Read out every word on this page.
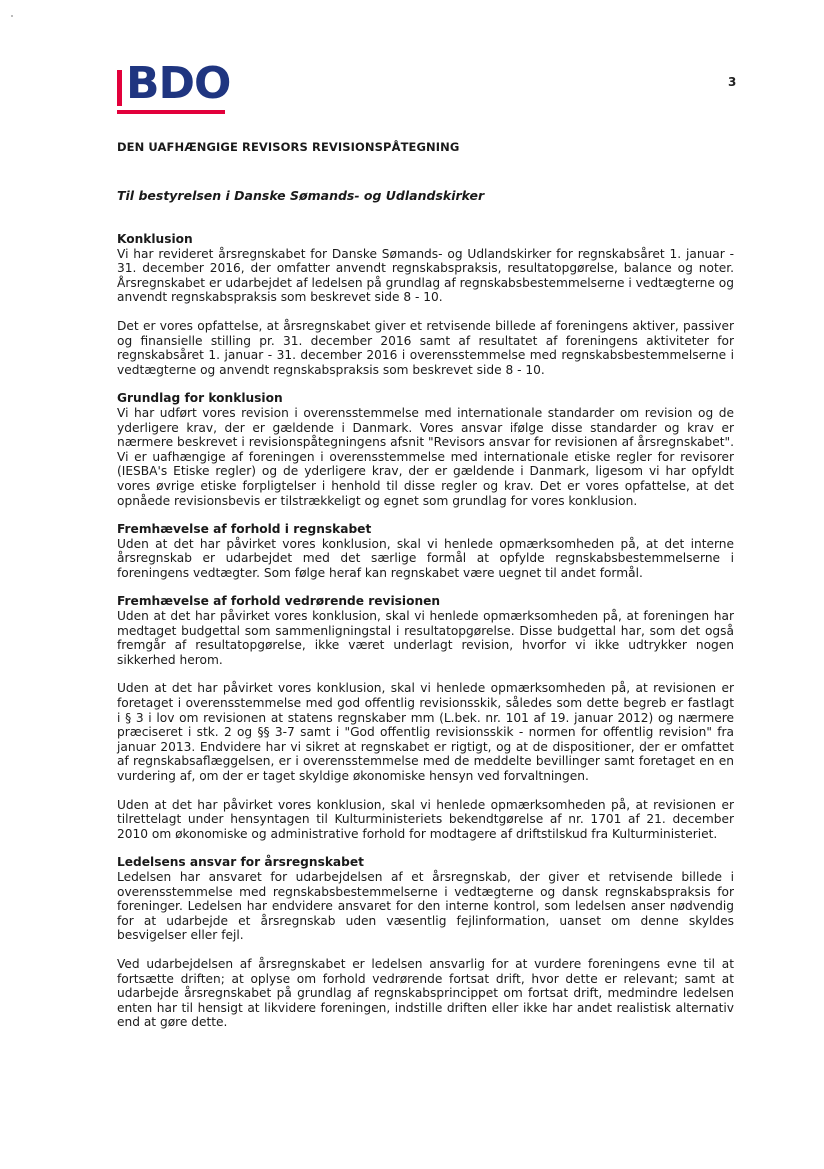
BDO	3
DEN UAFHÆNGIGE REVISORS REVISIONSPÅTEGNING
Til bestyrelsen i Danske Sømands- og Udlandskirker
Konklusion

Vi har revideret årsregnskabet for Danske Sømands- og Udlandskirker for regnskabsåret 1. januar - 31. december 2016, der omfatter anvendt regnskabspraksis, resultatopgørelse, balance og noter. Årsregnskabet er udarbejdet af ledelsen på grundlag af regnskabsbestemmelserne i vedtægterne og anvendt regnskabspraksis som beskrevet side 8 - 10.

Det er vores opfattelse, at årsregnskabet giver et retvisende billede af foreningens aktiver, passiver og finansielle stilling pr. 31. december 2016 samt af resultatet af foreningens aktiviteter for regnskabsåret 1. januar - 31. december 2016 i overensstemmelse med regnskabsbestemmelserne i vedtægterne og anvendt regnskabspraksis som beskrevet side 8 - 10.

Grundlag for konklusion

Vi har udført vores revision i overensstemmelse med internationale standarder om revision og de yderligere krav, der er gældende i Danmark. Vores ansvar ifølge disse standarder og krav er nærmere beskrevet i revisionspåtegningens afsnit "Revisors ansvar for revisionen af årsregnskabet". Vi er uafhængige af foreningen i overensstemmelse med internationale etiske regler for revisorer (IESBA's Etiske regler) og de yderligere krav, der er gældende i Danmark, ligesom vi har opfyldt vores øvrige etiske forpligtelser i henhold til disse regler og krav. Det er vores opfattelse, at det opnåede revisionsbevis er tilstrækkeligt og egnet som grundlag for vores konklusion.

Fremhævelse af forhold i regnskabet

Uden at det har påvirket vores konklusion, skal vi henlede opmærksomheden på, at det interne årsregnskab er udarbejdet med det særlige formål at opfylde regnskabsbestemmelserne i foreningens vedtægter. Som følge heraf kan regnskabet være uegnet til andet formål.

Fremhævelse af forhold vedrørende revisionen

Uden at det har påvirket vores konklusion, skal vi henlede opmærksomheden på, at foreningen har medtaget budgettal som sammenligningstal i resultatopgørelse. Disse budgettal har, som det også fremgår af resultatopgørelse, ikke været underlagt revision, hvorfor vi ikke udtrykker nogen sikkerhed herom.

Uden at det har påvirket vores konklusion, skal vi henlede opmærksomheden på, at revisionen er foretaget i overensstemmelse med god offentlig revisionsskik, således som dette begreb er fastlagt i § 3 i lov om revisionen at statens regnskaber mm (L.bek. nr. 101 af 19. januar 2012) og nærmere præciseret i stk. 2 og §§ 3-7 samt i "God offentlig revisionsskik - normen for offentlig revision" fra januar 2013. Endvidere har vi sikret at regnskabet er rigtigt, og at de dispositioner, der er omfattet af regnskabsaflæggelsen, er i overensstemmelse med de meddelte bevillinger samt foretaget en en vurdering af, om der er taget skyldige økonomiske hensyn ved forvaltningen.

Uden at det har påvirket vores konklusion, skal vi henlede opmærksomheden på, at revisionen er tilrettelagt under hensyntagen til Kulturministeriets bekendtgørelse af nr. 1701 af 21. december 2010 om økonomiske og administrative forhold for modtagere af driftstilskud fra Kulturministeriet.

Ledelsens ansvar for årsregnskabet

Ledelsen har ansvaret for udarbejdelsen af et årsregnskab, der giver et retvisende billede i overensstemmelse med regnskabsbestemmelserne i vedtægterne og dansk regnskabspraksis for foreninger. Ledelsen har endvidere ansvaret for den interne kontrol, som ledelsen anser nødvendig for at udarbejde et årsregnskab uden væsentlig fejlinformation, uanset om denne skyldes besvigelser eller fejl.

Ved udarbejdelsen af årsregnskabet er ledelsen ansvarlig for at vurdere foreningens evne til at fortsætte driften; at oplyse om forhold vedrørende fortsat drift, hvor dette er relevant; samt at udarbejde årsregnskabet på grundlag af regnskabsprincippet om fortsat drift, medmindre ledelsen enten har til hensigt at likvidere foreningen, indstille driften eller ikke har andet realistisk alternativ end at gøre dette.
